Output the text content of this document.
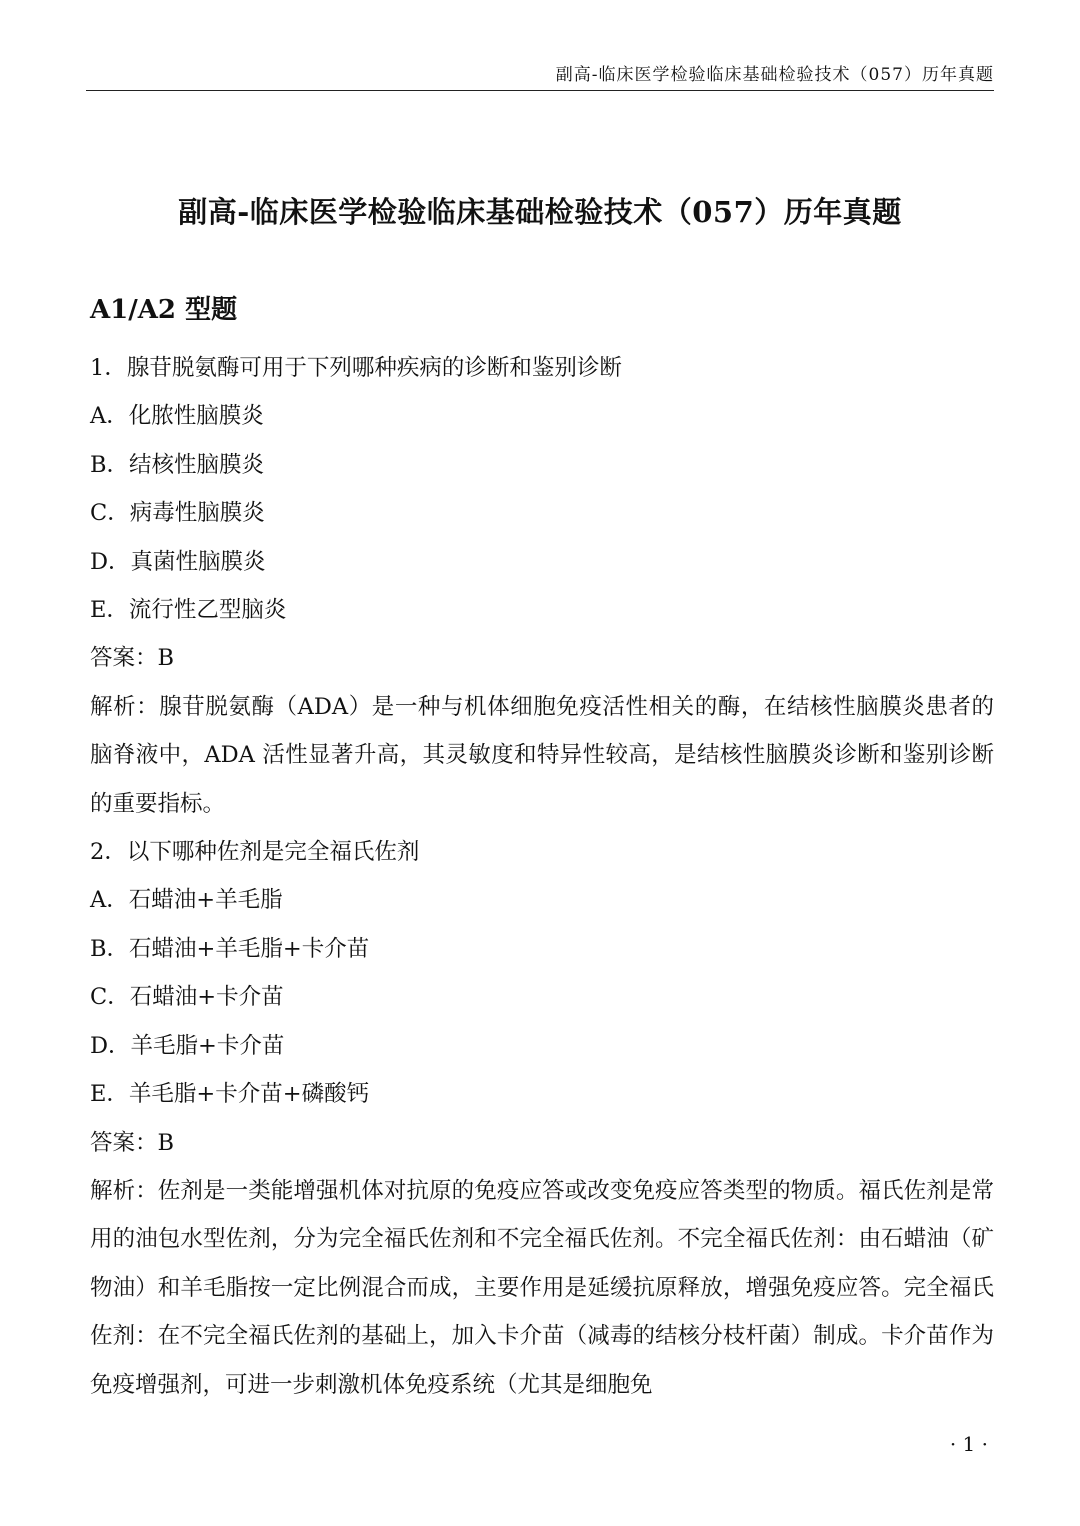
副高-临床医学检验临床基础检验技术（057）历年真题
副高-临床医学检验临床基础检验技术（057）历年真题
A1/A2 型题

1．腺苷脱氨酶可用于下列哪种疾病的诊断和鉴别诊断

A．化脓性脑膜炎

B．结核性脑膜炎

C．病毒性脑膜炎

D．真菌性脑膜炎

E．流行性乙型脑炎

答案：B

解析：腺苷脱氨酶（ADA）是一种与机体细胞免疫活性相关的酶，在结核性脑膜炎患者的脑脊液中，ADA 活性显著升高，其灵敏度和特异性较高，是结核性脑膜炎诊断和鉴别诊断的重要指标。

2．以下哪种佐剂是完全福氏佐剂

A．石蜡油+羊毛脂

B．石蜡油+羊毛脂+卡介苗

C．石蜡油+卡介苗

D．羊毛脂+卡介苗

E．羊毛脂+卡介苗+磷酸钙

答案：B

解析：佐剂是一类能增强机体对抗原的免疫应答或改变免疫应答类型的物质。福氏佐剂是常用的油包水型佐剂，分为完全福氏佐剂和不完全福氏佐剂。不完全福氏佐剂：由石蜡油（矿物油）和羊毛脂按一定比例混合而成，主要作用是延缓抗原释放，增强免疫应答。完全福氏佐剂：在不完全福氏佐剂的基础上，加入卡介苗（减毒的结核分枝杆菌）制成。卡介苗作为免疫增强剂，可进一步刺激机体免疫系统（尤其是细胞免

· 1 ·
